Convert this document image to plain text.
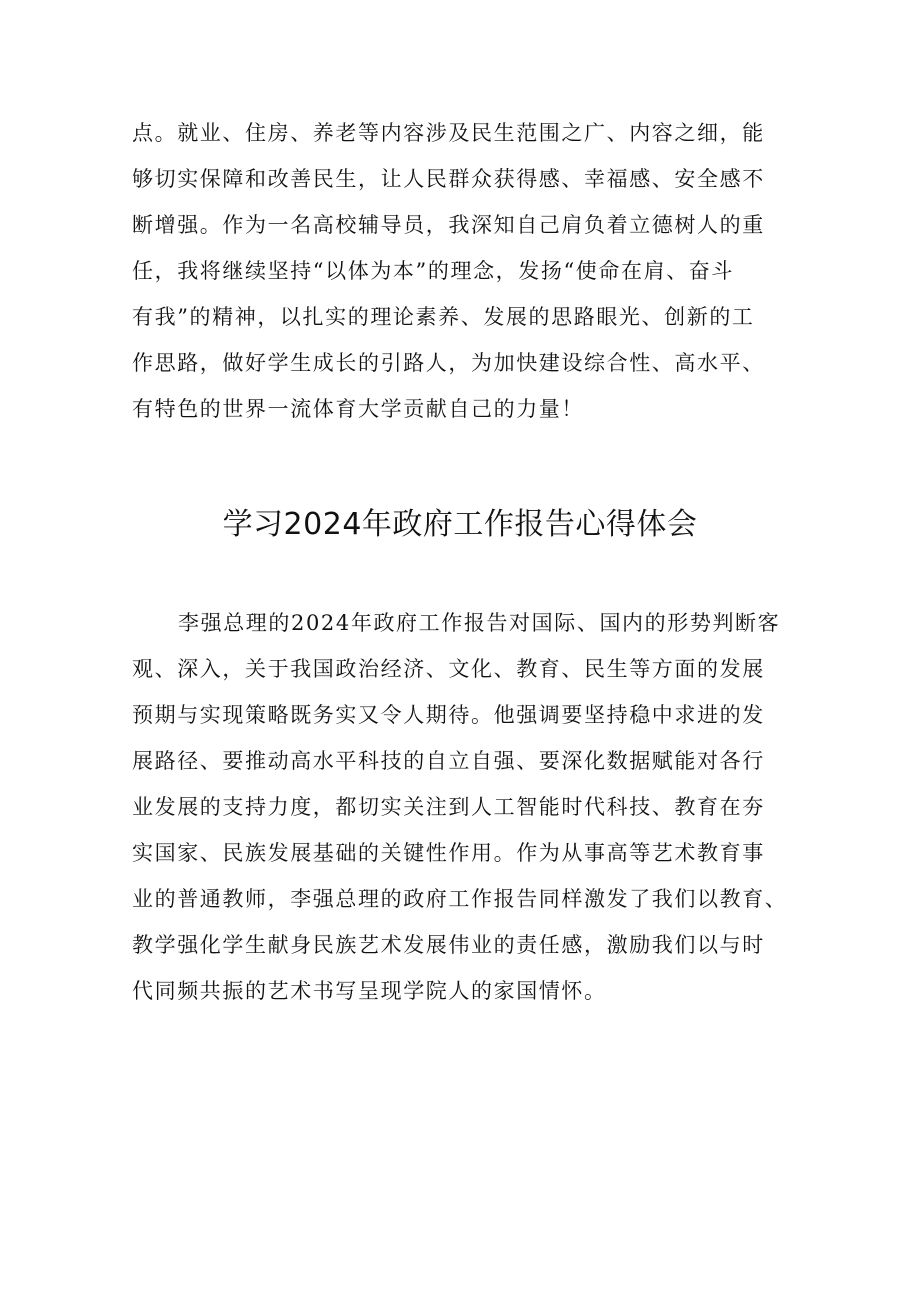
点。就业、住房、养老等内容涉及民生范围之广、内容之细，能
够切实保障和改善民生，让人民群众获得感、幸福感、安全感不
断增强。作为一名高校辅导员，我深知自己肩负着立德树人的重
任，我将继续坚持“以体为本”的理念，发扬“使命在肩、奋斗
有我”的精神，以扎实的理论素养、发展的思路眼光、创新的工
作思路，做好学生成长的引路人，为加快建设综合性、高水平、
有特色的世界一流体育大学贡献自己的力量！
学习2024年政府工作报告心得体会
李强总理的2024年政府工作报告对国际、国内的形势判断客
观、深入，关于我国政治经济、文化、教育、民生等方面的发展
预期与实现策略既务实又令人期待。他强调要坚持稳中求进的发
展路径、要推动高水平科技的自立自强、要深化数据赋能对各行
业发展的支持力度，都切实关注到人工智能时代科技、教育在夯
实国家、民族发展基础的关键性作用。作为从事高等艺术教育事
业的普通教师，李强总理的政府工作报告同样激发了我们以教育、
教学强化学生献身民族艺术发展伟业的责任感，激励我们以与时
代同频共振的艺术书写呈现学院人的家国情怀。
